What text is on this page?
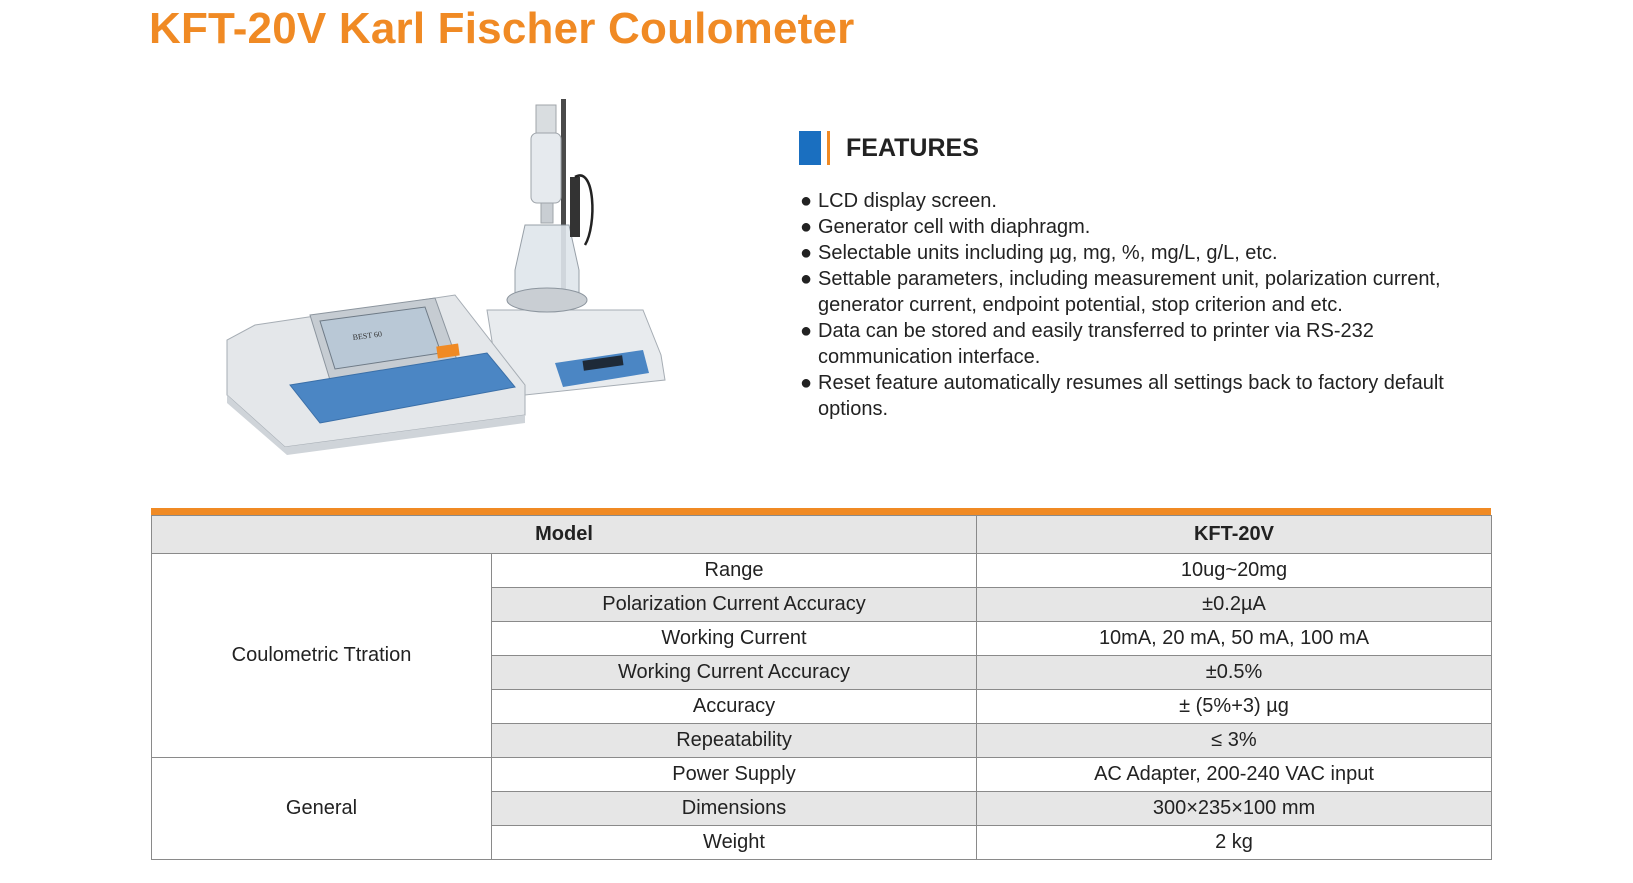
KFT-20V Karl Fischer Coulometer
BEST 60
FEATURES
● LCD display screen.
● Generator cell with diaphragm.
● Selectable units including µg, mg, %, mg/L, g/L, etc.
● Settable parameters, including measurement unit, polarization current,
generator current, endpoint potential, stop criterion and etc.
● Data can be stored and easily transferred to printer via RS-232
communication interface.
● Reset feature automatically resumes all settings back to factory default
options.
Model		KFT-20V
Coulometric Ttration	Range	10ug~20mg
	Polarization Current Accuracy	±0.2µA
	Working Current	10mA, 20 mA, 50 mA, 100 mA
	Working Current Accuracy	±0.5%
	Accuracy	± (5%+3) µg
	Repeatability	≤ 3%
General	Power Supply	AC Adapter, 200-240 VAC input
	Dimensions	300×235×100 mm
	Weight	2 kg
